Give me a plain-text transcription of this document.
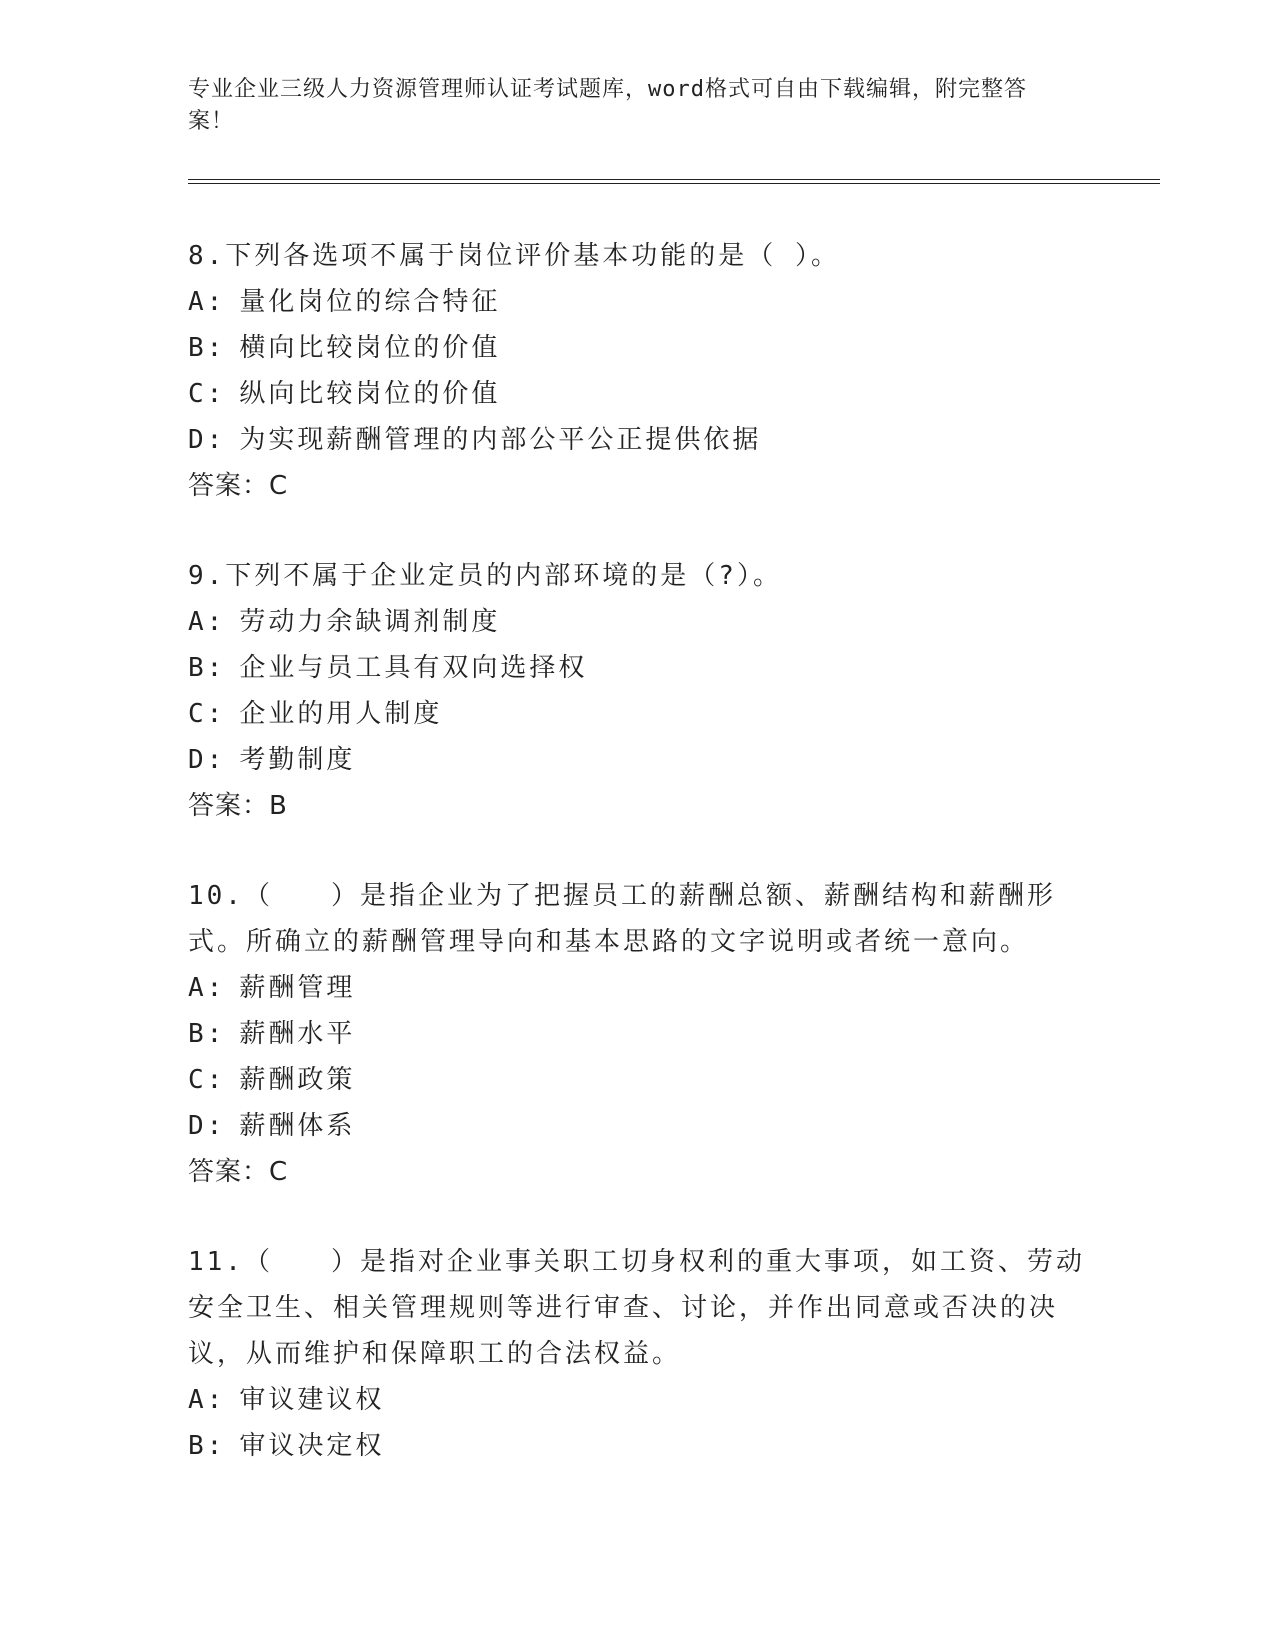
专业企业三级人力资源管理师认证考试题库，word格式可自由下载编辑，附完整答案！
8.下列各选项不属于岗位评价基本功能的是（ ）。
A: 量化岗位的综合特征
B: 横向比较岗位的价值
C: 纵向比较岗位的价值
D: 为实现薪酬管理的内部公平公正提供依据
答案：C
9.下列不属于企业定员的内部环境的是（?）。
A: 劳动力余缺调剂制度
B: 企业与员工具有双向选择权
C: 企业的用人制度
D: 考勤制度
答案：B
10.（　　）是指企业为了把握员工的薪酬总额、薪酬结构和薪酬形式。所确立的薪酬管理导向和基本思路的文字说明或者统一意向。
A: 薪酬管理
B: 薪酬水平
C: 薪酬政策
D: 薪酬体系
答案：C
11.（　　）是指对企业事关职工切身权利的重大事项，如工资、劳动安全卫生、相关管理规则等进行审查、讨论，并作出同意或否决的决议，从而维护和保障职工的合法权益。
A: 审议建议权
B: 审议决定权
